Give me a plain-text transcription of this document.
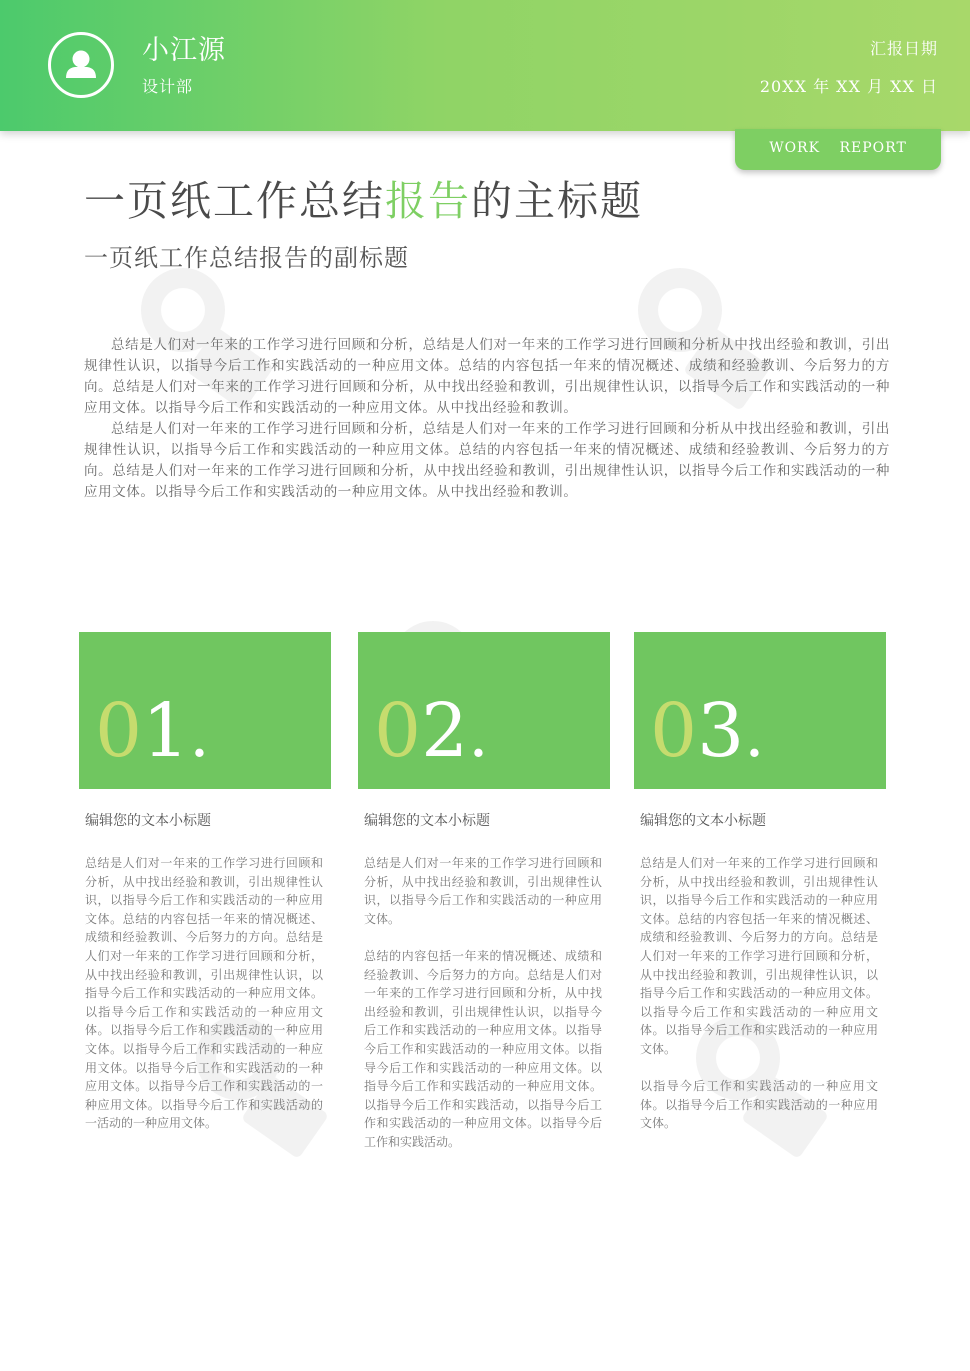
小江源
设计部
汇报日期
20XX 年 XX 月 XX 日
WORK REPORT
一页纸工作总结报告的主标题
一页纸工作总结报告的副标题

总结是人们对一年来的工作学习进行回顾和分析，总结是人们对一年来的工作学习进行回顾和分析从中找出经验和教训，引出规律性认识，以指导今后工作和实践活动的一种应用文体。总结的内容包括一年来的情况概述、成绩和经验教训、今后努力的方向。总结是人们对一年来的工作学习进行回顾和分析，从中找出经验和教训，引出规律性认识，以指导今后工作和实践活动的一种应用文体。以指导今后工作和实践活动的一种应用文体。从中找出经验和教训。

总结是人们对一年来的工作学习进行回顾和分析，总结是人们对一年来的工作学习进行回顾和分析从中找出经验和教训，引出规律性认识，以指导今后工作和实践活动的一种应用文体。总结的内容包括一年来的情况概述、成绩和经验教训、今后努力的方向。总结是人们对一年来的工作学习进行回顾和分析，从中找出经验和教训，引出规律性认识，以指导今后工作和实践活动的一种应用文体。以指导今后工作和实践活动的一种应用文体。从中找出经验和教训。

01.
编辑您的文本小标题

总结是人们对一年来的工作学习进行回顾和分析，从中找出经验和教训，引出规律性认识，以指导今后工作和实践活动的一种应用文体。总结的内容包括一年来的情况概述、成绩和经验教训、今后努力的方向。总结是人们对一年来的工作学习进行回顾和分析，从中找出经验和教训，引出规律性认识，以指导今后工作和实践活动的一种应用文体。以指导今后工作和实践活动的一种应用文体。以指导今后工作和实践活动的一种应用文体。以指导今后工作和实践活动的一种应用文体。以指导今后工作和实践活动的一种应用文体。以指导今后工作和实践活动的一种应用文体。以指导今后工作和实践活动的一活动的一种应用文体。

02.
编辑您的文本小标题

总结是人们对一年来的工作学习进行回顾和分析，从中找出经验和教训，引出规律性认识，以指导今后工作和实践活动的一种应用文体。

总结的内容包括一年来的情况概述、成绩和经验教训、今后努力的方向。总结是人们对一年来的工作学习进行回顾和分析，从中找出经验和教训，引出规律性认识，以指导今后工作和实践活动的一种应用文体。以指导今后工作和实践活动的一种应用文体。以指导今后工作和实践活动的一种应用文体。以指导今后工作和实践活动的一种应用文体。以指导今后工作和实践活动，以指导今后工作和实践活动的一种应用文体。以指导今后工作和实践活动。

03.
编辑您的文本小标题

总结是人们对一年来的工作学习进行回顾和分析，从中找出经验和教训，引出规律性认识，以指导今后工作和实践活动的一种应用文体。总结的内容包括一年来的情况概述、成绩和经验教训、今后努力的方向。总结是人们对一年来的工作学习进行回顾和分析，从中找出经验和教训，引出规律性认识，以指导今后工作和实践活动的一种应用文体。以指导今后工作和实践活动的一种应用文体。以指导今后工作和实践活动的一种应用文体。

以指导今后工作和实践活动的一种应用文体。以指导今后工作和实践活动的一种应用文体。
